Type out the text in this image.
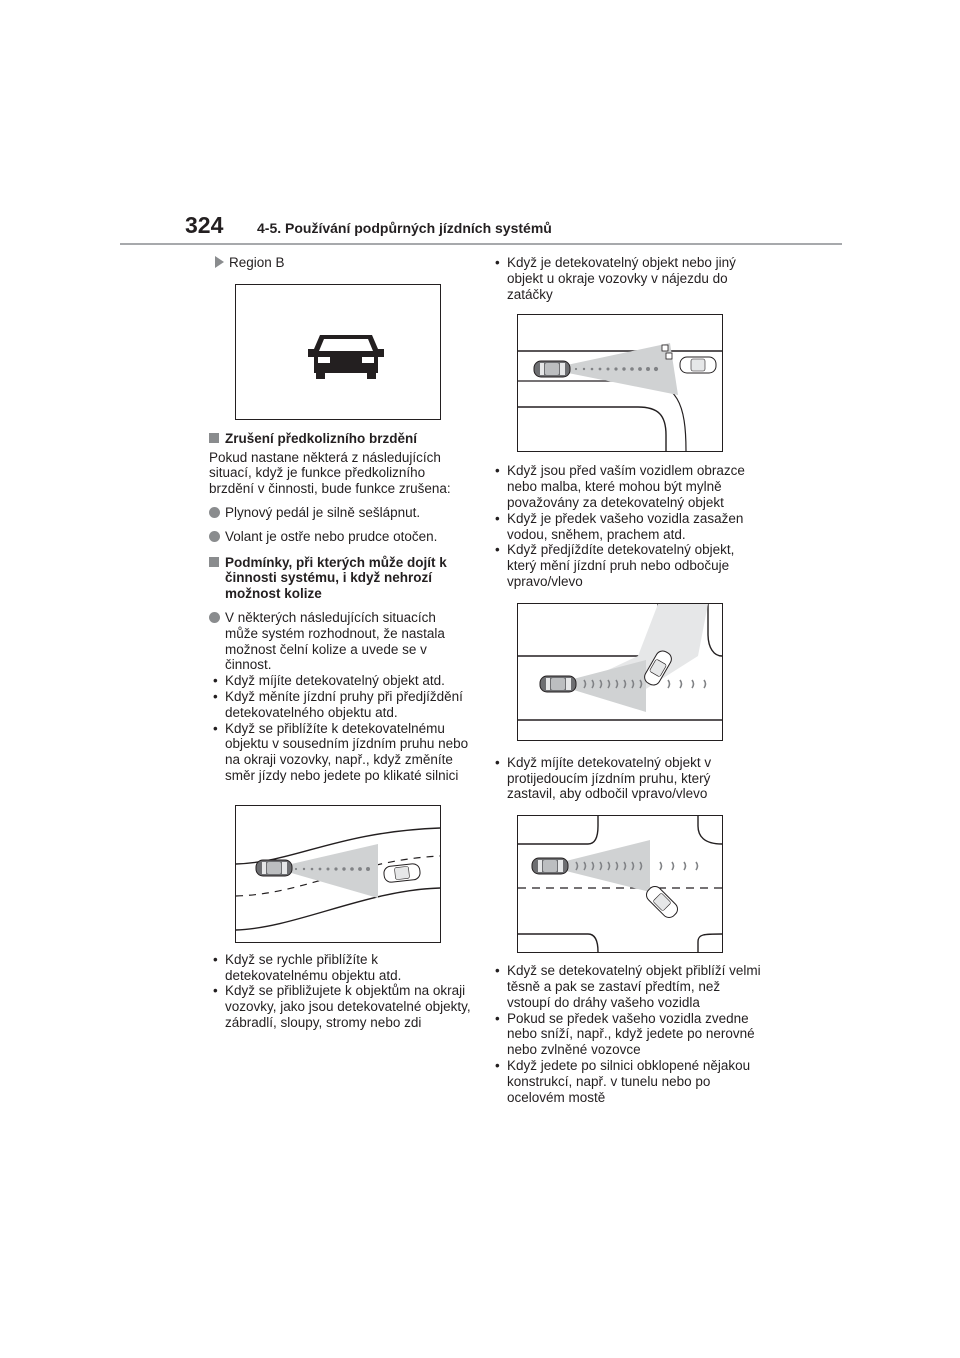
324	4-5. Používání podpůrných jízdních systémů

Region B

Zrušení předkolizního brzdění

Pokud nastane některá z následujících situací, když je funkce předkolizního brzdění v činnosti, bude funkce zrušena:

Plynový pedál je silně sešlápnut.

Volant je ostře nebo prudce otočen.

Podmínky, při kterých může dojít k činnosti systému, i když nehrozí možnost kolize

V některých následujících situacích může systém rozhodnout, že nastala možnost čelní kolize a uvede se v činnost.

• Když míjíte detekovatelný objekt atd.
• Když měníte jízdní pruhy při předjíždění detekovatelného objektu atd.
• Když se přiblížíte k detekovatelnému objektu v sousedním jízdním pruhu nebo na okraji vozovky, např., když změníte směr jízdy nebo jedete po klikaté silnici
• Když se rychle přiblížíte k detekovatelnému objektu atd.
• Když se přibližujete k objektům na okraji vozovky, jako jsou detekovatelné objekty, zábradlí, sloupy, stromy nebo zdi
• Když je detekovatelný objekt nebo jiný objekt u okraje vozovky v nájezdu do zatáčky
• Když jsou před vaším vozidlem obrazce nebo malba, které mohou být mylně považovány za detekovatelný objekt
• Když je předek vašeho vozidla zasažen vodou, sněhem, prachem atd.
• Když předjíždíte detekovatelný objekt, který mění jízdní pruh nebo odbočuje vpravo/vlevo
• Když míjíte detekovatelný objekt v protijedoucím jízdním pruhu, který zastavil, aby odbočil vpravo/vlevo
• Když se detekovatelný objekt přiblíží velmi těsně a pak se zastaví předtím, než vstoupí do dráhy vašeho vozidla
• Pokud se předek vašeho vozidla zvedne nebo sníží, např., když jedete po nerovné nebo zvlněné vozovce
• Když jedete po silnici obklopené nějakou konstrukcí, např. v tunelu nebo po ocelovém mostě
